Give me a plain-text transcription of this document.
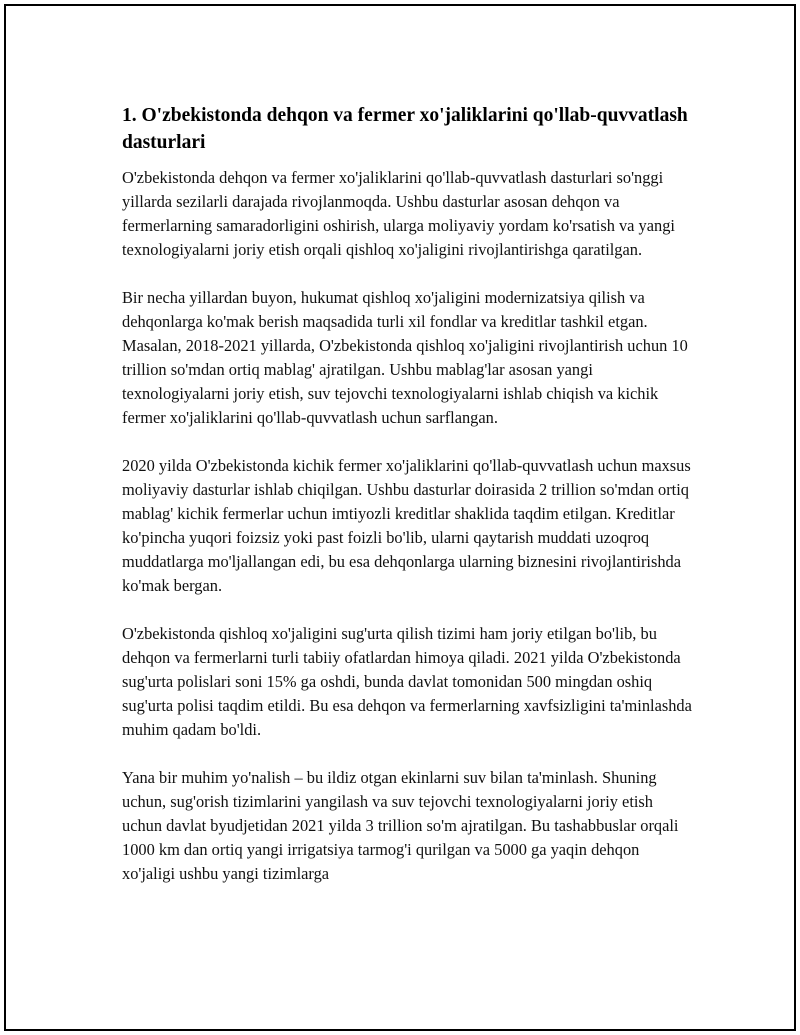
1. O'zbekistonda dehqon va fermer xo'jaliklarini qo'llab-quvvatlash dasturlari

O'zbekistonda dehqon va fermer xo'jaliklarini qo'llab-quvvatlash dasturlari so'nggi yillarda sezilarli darajada rivojlanmoqda. Ushbu dasturlar asosan dehqon va fermerlarning samaradorligini oshirish, ularga moliyaviy yordam ko'rsatish va yangi texnologiyalarni joriy etish orqali qishloq xo'jaligini rivojlantirishga qaratilgan.

Bir necha yillardan buyon, hukumat qishloq xo'jaligini modernizatsiya qilish va dehqonlarga ko'mak berish maqsadida turli xil fondlar va kreditlar tashkil etgan. Masalan, 2018-2021 yillarda, O'zbekistonda qishloq xo'jaligini rivojlantirish uchun 10 trillion so'mdan ortiq mablag' ajratilgan. Ushbu mablag'lar asosan yangi texnologiyalarni joriy etish, suv tejovchi texnologiyalarni ishlab chiqish va kichik fermer xo'jaliklarini qo'llab-quvvatlash uchun sarflangan.

2020 yilda O'zbekistonda kichik fermer xo'jaliklarini qo'llab-quvvatlash uchun maxsus moliyaviy dasturlar ishlab chiqilgan. Ushbu dasturlar doirasida 2 trillion so'mdan ortiq mablag' kichik fermerlar uchun imtiyozli kreditlar shaklida taqdim etilgan. Kreditlar ko'pincha yuqori foizsiz yoki past foizli bo'lib, ularni qaytarish muddati uzoqroq muddatlarga mo'ljallangan edi, bu esa dehqonlarga ularning biznesini rivojlantirishda ko'mak bergan.

O'zbekistonda qishloq xo'jaligini sug'urta qilish tizimi ham joriy etilgan bo'lib, bu dehqon va fermerlarni turli tabiiy ofatlardan himoya qiladi. 2021 yilda O'zbekistonda sug'urta polislari soni 15% ga oshdi, bunda davlat tomonidan 500 mingdan oshiq sug'urta polisi taqdim etildi. Bu esa dehqon va fermerlarning xavfsizligini ta'minlashda muhim qadam bo'ldi.

Yana bir muhim yo'nalish – bu ildiz otgan ekinlarni suv bilan ta'minlash. Shuning uchun, sug'orish tizimlarini yangilash va suv tejovchi texnologiyalarni joriy etish uchun davlat byudjetidan 2021 yilda 3 trillion so'm ajratilgan. Bu tashabbuslar orqali 1000 km dan ortiq yangi irrigatsiya tarmog'i qurilgan va 5000 ga yaqin dehqon xo'jaligi ushbu yangi tizimlarga
